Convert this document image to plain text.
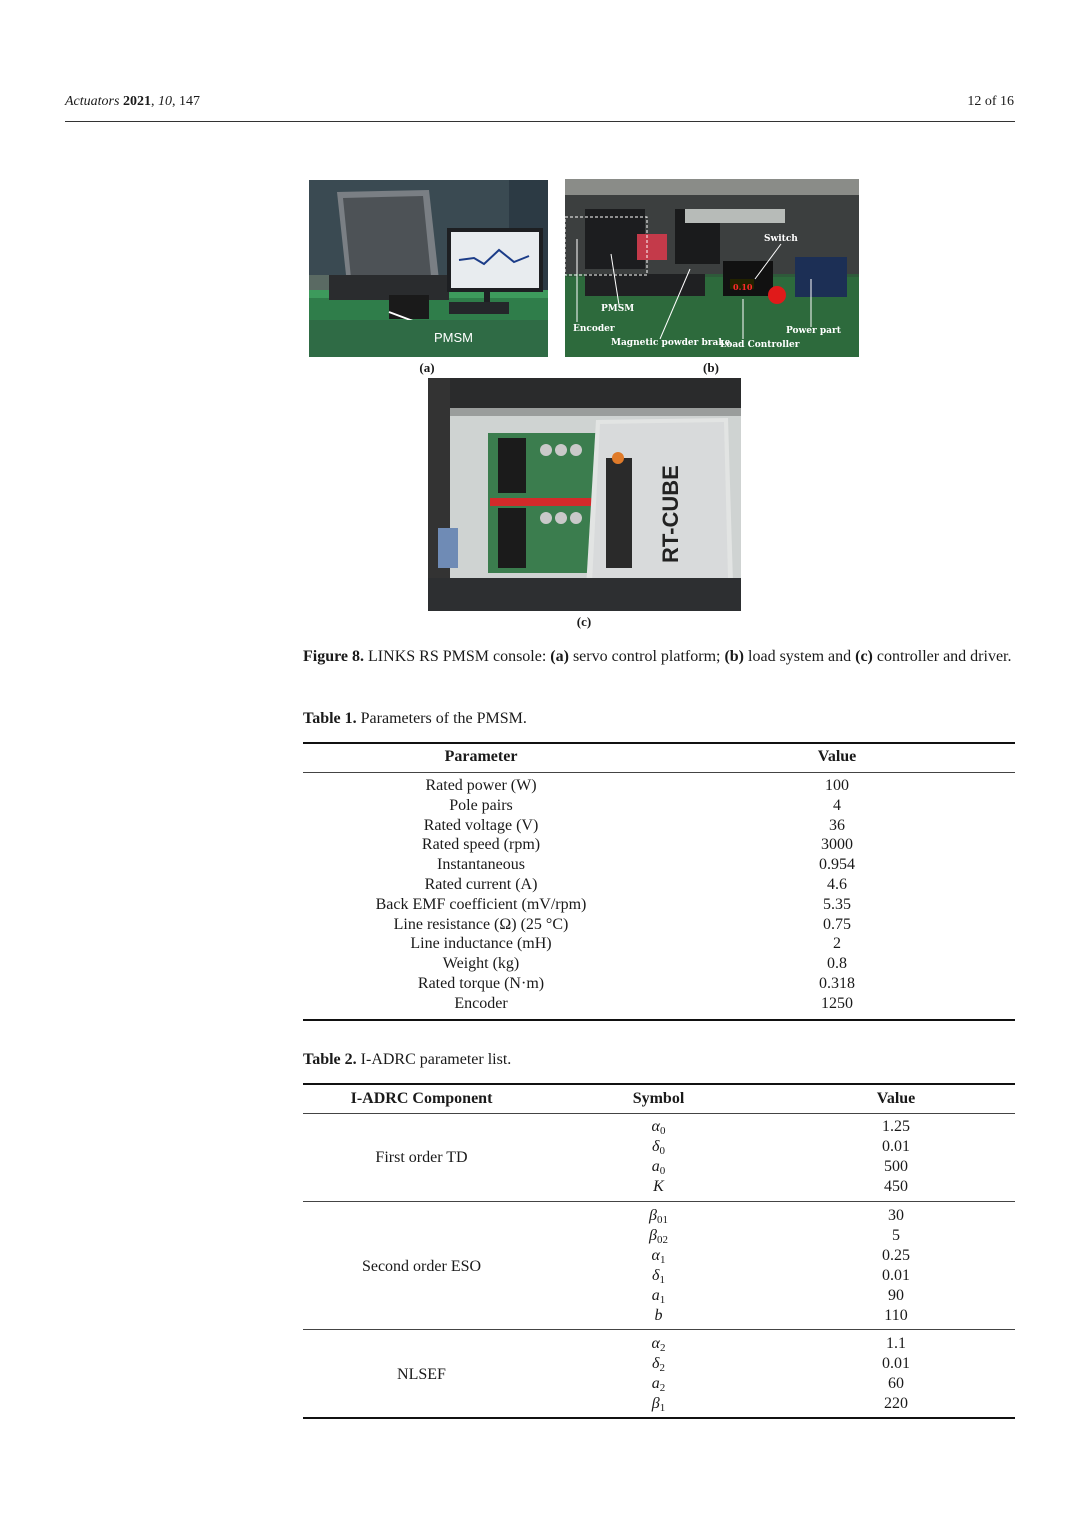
Actuators 2021, 10, 147	12 of 16
PMSM
(a)
0.10
Switch
PMSM
Encoder	Power part
Magnetic powder brake
Load Controller
(b)
RT-CUBE
(c)
Figure 8. LINKS RS PMSM console: (a) servo control platform; (b) load system and (c) controller and driver.
Table 1. Parameters of the PMSM.
Parameter	Value
Rated power (W)	100
Pole pairs	4
Rated voltage (V)	36
Rated speed (rpm)	3000
Instantaneous	0.954
Rated current (A)	4.6
Back EMF coefficient (mV/rpm)	5.35
Line resistance (Ω) (25 °C)	0.75
Line inductance (mH)	2
Weight (kg)	0.8
Rated torque (N·m)	0.318
Encoder	1250
Table 2. I-ADRC parameter list.
I-ADRC Component	Symbol	Value
First order TD
$\alpha_0$	1.25
$\delta_0$	0.01
$a_0$	500
K	450
Second order ESO
$\beta_{01}$	30
$\beta_{02}$	5
$\alpha_1$	0.25
$\delta_1$	0.01
$a_1$	90
b	110
NLSEF
$\alpha_2$	1.1
$\delta_2$	0.01
$a_2$	60
$\beta_1$	220
